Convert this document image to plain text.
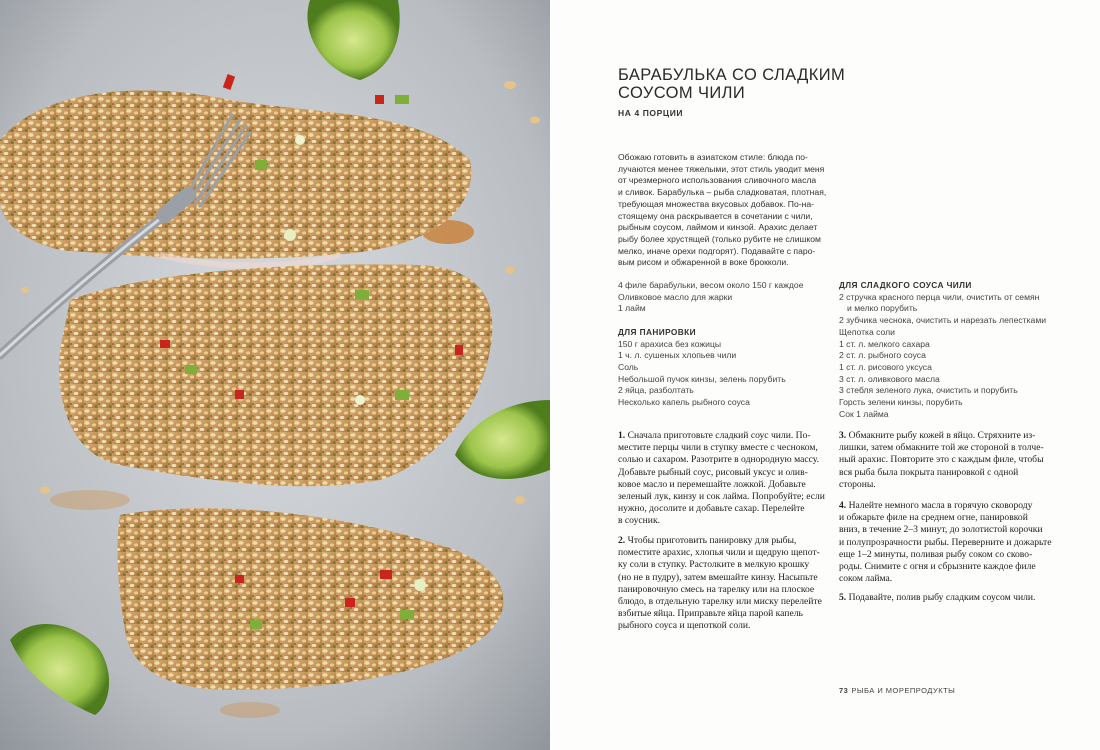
БАРАБУЛЬКА СО СЛАДКИМ СОУСОМ ЧИЛИ
НА 4 ПОРЦИИ
Обожаю готовить в азиатском стиле: блюда по-
лучаются менее тяжелыми, этот стиль уводит меня
от чрезмерного использования сливочного масла
и сливок. Барабулька – рыба сладковатая, плотная,
требующая множества вкусовых добавок. По-на-
стоящему она раскрывается в сочетании с чили,
рыбным соусом, лаймом и кинзой. Арахис делает
рыбу более хрустящей (только рубите не слишком
мелко, иначе орехи подгорят). Подавайте с паро-
вым рисом и обжаренной в воке брокколи.
4 филе барабульки, весом около 150 г каждое
Оливковое масло для жарки
1 лайм
ДЛЯ ПАНИРОВКИ
150 г арахиса без кожицы
1 ч. л. сушеных хлопьев чили
Соль
Небольшой пучок кинзы, зелень порубить
2 яйца, разболтать
Несколько капель рыбного соуса
ДЛЯ СЛАДКОГО СОУСА ЧИЛИ
2 стручка красного перца чили, очистить от семян
и мелко порубить
2 зубчика чеснока, очистить и нарезать лепестками
Щепотка соли
1 ст. л. мелкого сахара
2 ст. л. рыбного соуса
1 ст. л. рисового уксуса
3 ст. л. оливкового масла
3 стебля зеленого лука, очистить и порубить
Горсть зелени кинзы, порубить
Сок 1 лайма
1. Сначала приготовьте сладкий соус чили. По-
местите перцы чили в ступку вместе с чесноком,
солью и сахаром. Разотрите в однородную массу.
Добавьте рыбный соус, рисовый уксус и олив-
ковое масло и перемешайте ложкой. Добавьте
зеленый лук, кинзу и сок лайма. Попробуйте; если
нужно, досолите и добавьте сахар. Перелейте
в соусник.
2. Чтобы приготовить панировку для рыбы,
поместите арахис, хлопья чили и щедрую щепот-
ку соли в ступку. Растолките в мелкую крошку
(но не в пудру), затем вмешайте кинзу. Насыпьте
панировочную смесь на тарелку или на плоское
блюдо, в отдельную тарелку или миску перелейте
взбитые яйца. Приправьте яйца парой капель
рыбного соуса и щепоткой соли.
3. Обмакните рыбу кожей в яйцо. Стряхните из-
лишки, затем обмакните той же стороной в толче-
ный арахис. Повторите это с каждым филе, чтобы
вся рыба была покрыта панировкой с одной
стороны.
4. Налейте немного масла в горячую сковороду
и обжарьте филе на среднем огне, панировкой
вниз, в течение 2–3 минут, до золотистой корочки
и полупрозрачности рыбы. Переверните и дожарьте
еще 1–2 минуты, поливая рыбу соком со сково-
роды. Снимите с огня и сбрызните каждое филе
соком лайма.
5. Подавайте, полив рыбу сладким соусом чили.
73 РЫБА И МОРЕПРОДУКТЫ
